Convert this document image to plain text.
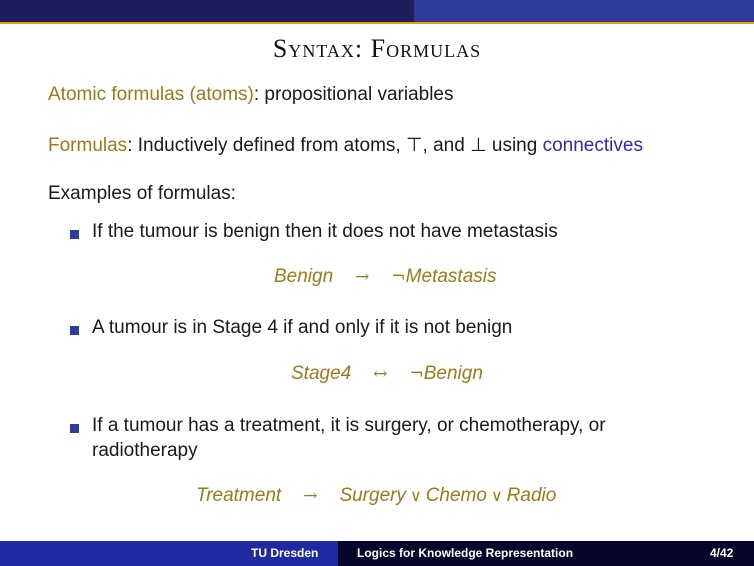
Syntax: Formulas
Atomic formulas (atoms): propositional variables
Formulas: Inductively defined from atoms, ⊤, and ⊥ using connectives
Examples of formulas:
If the tumour is benign then it does not have metastasis
Benign → ¬Metastasis
A tumour is in Stage 4 if and only if it is not benign
Stage4 ↔ ¬Benign
If a tumour has a treatment, it is surgery, or chemotherapy, or
radiotherapy
Treatment → Surgery ∨ Chemo ∨ Radio
TU Dresden	Logics for Knowledge Representation	4/42
